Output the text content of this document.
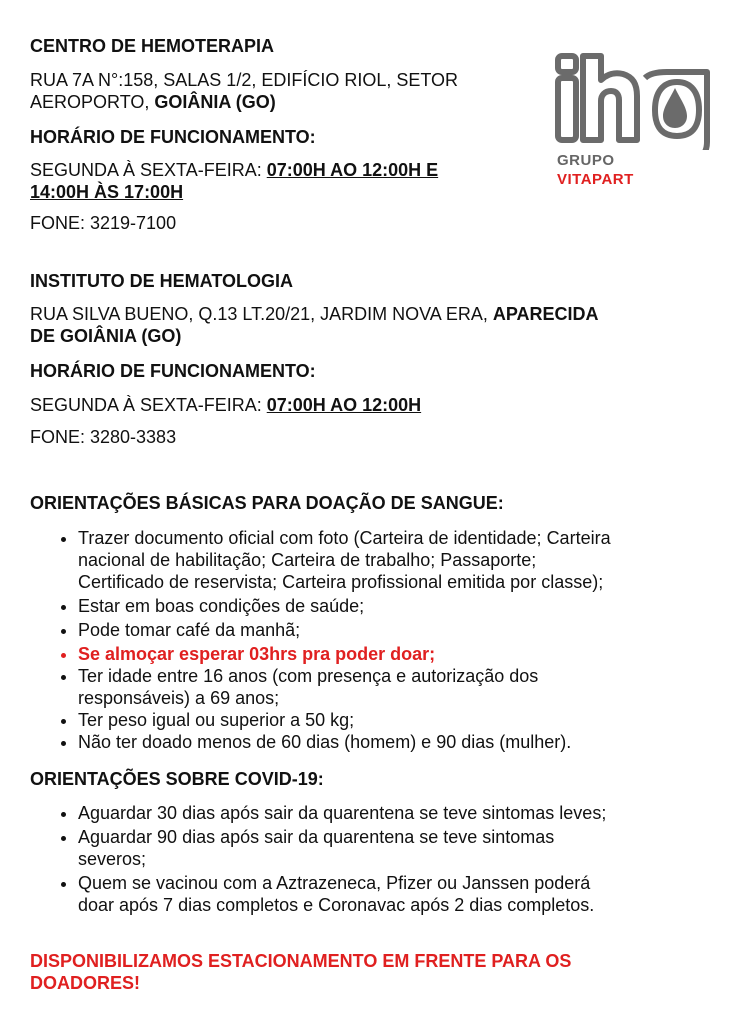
CENTRO DE HEMOTERAPIA

RUA 7A N°:158, SALAS 1/2, EDIFÍCIO RIOL, SETOR

AEROPORTO, GOIÂNIA (GO)

HORÁRIO DE FUNCIONAMENTO:

SEGUNDA À SEXTA-FEIRA: 07:00H AO 12:00H E

14:00H ÀS 17:00H

FONE: 3219-7100

GRUPO
VITAPART

INSTITUTO DE HEMATOLOGIA

RUA SILVA BUENO, Q.13 LT.20/21, JARDIM NOVA ERA, APARECIDA

DE GOIÂNIA (GO)

HORÁRIO DE FUNCIONAMENTO:

SEGUNDA À SEXTA-FEIRA: 07:00H AO 12:00H

FONE: 3280-3383

ORIENTAÇÕES BÁSICAS PARA DOAÇÃO DE SANGUE:

• Trazer documento oficial com foto (Carteira de identidade; Carteira
nacional de habilitação; Carteira de trabalho; Passaporte;
Certificado de reservista; Carteira profissional emitida por classe);
• Estar em boas condições de saúde;
• Pode tomar café da manhã;
• Se almoçar esperar 03hrs pra poder doar;
• Ter idade entre 16 anos (com presença e autorização dos
responsáveis) a 69 anos;
• Ter peso igual ou superior a 50 kg;
• Não ter doado menos de 60 dias (homem) e 90 dias (mulher).

ORIENTAÇÕES SOBRE COVID-19:

• Aguardar 30 dias após sair da quarentena se teve sintomas leves;
• Aguardar 90 dias após sair da quarentena se teve sintomas
severos;
• Quem se vacinou com a Aztrazeneca, Pfizer ou Janssen poderá
doar após 7 dias completos e Coronavac após 2 dias completos.

DISPONIBILIZAMOS ESTACIONAMENTO EM FRENTE PARA OS

DOADORES!
